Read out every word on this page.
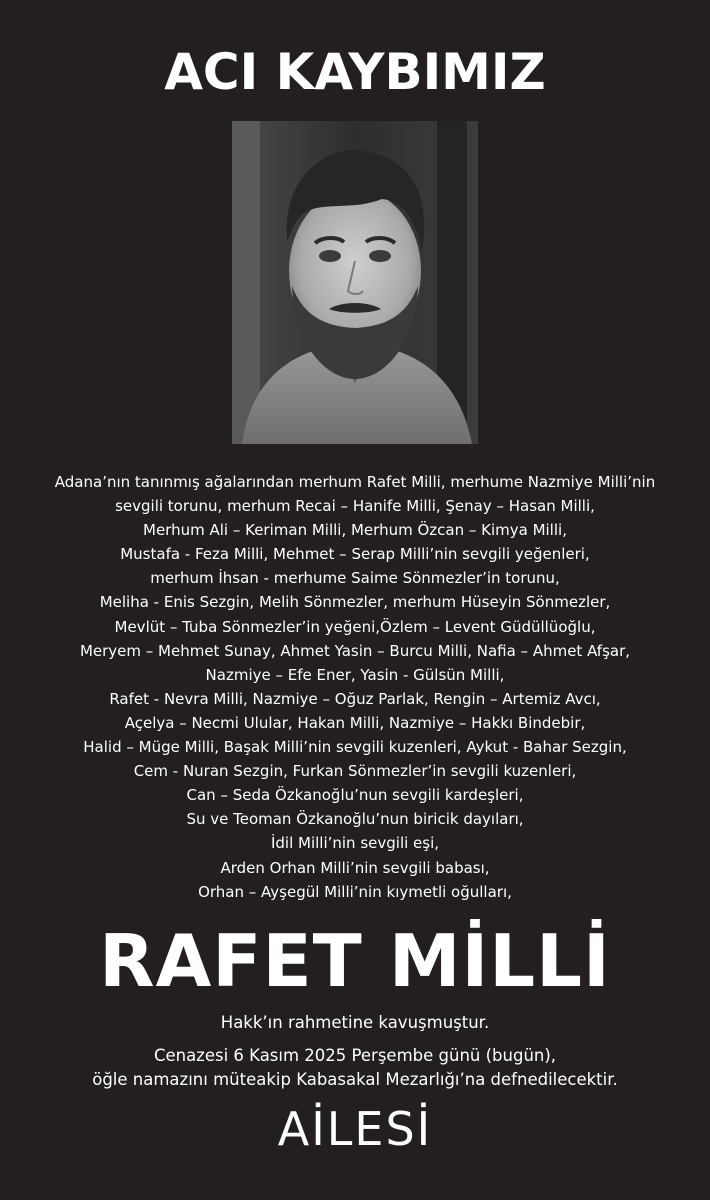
ACI KAYBIMIZ
Adana’nın tanınmış ağalarından merhum Rafet Milli, merhume Nazmiye Milli’nin
sevgili torunu, merhum Recai – Hanife Milli, Şenay – Hasan Milli,
Merhum Ali – Keriman Milli, Merhum Özcan – Kimya Milli,
Mustafa - Feza Milli, Mehmet – Serap Milli’nin sevgili yeğenleri,
merhum İhsan - merhume Saime Sönmezler’in torunu,
Meliha - Enis Sezgin, Melih Sönmezler, merhum Hüseyin Sönmezler,
Mevlüt – Tuba Sönmezler’in yeğeni,Özlem – Levent Güdüllüoğlu,
Meryem – Mehmet Sunay, Ahmet Yasin – Burcu Milli, Nafia – Ahmet Afşar,
Nazmiye – Efe Ener, Yasin - Gülsün Milli,
Rafet - Nevra Milli, Nazmiye – Oğuz Parlak, Rengin – Artemiz Avcı,
Açelya – Necmi Ulular, Hakan Milli, Nazmiye – Hakkı Bindebir,
Halid – Müge Milli, Başak Milli’nin sevgili kuzenleri, Aykut - Bahar Sezgin,
Cem - Nuran Sezgin, Furkan Sönmezler’in sevgili kuzenleri,
Can – Seda Özkanoğlu’nun sevgili kardeşleri,
Su ve Teoman Özkanoğlu’nun biricik dayıları,
İdil Milli’nin sevgili eşi,
Arden Orhan Milli’nin sevgili babası,
Orhan – Ayşegül Milli’nin kıymetli oğulları,
RAFET MİLLİ
Hakk’ın rahmetine kavuşmuştur.
Cenazesi 6 Kasım 2025 Perşembe günü (bugün),
öğle namazını müteakip Kabasakal Mezarlığı’na defnedilecektir.
AİLESİ
